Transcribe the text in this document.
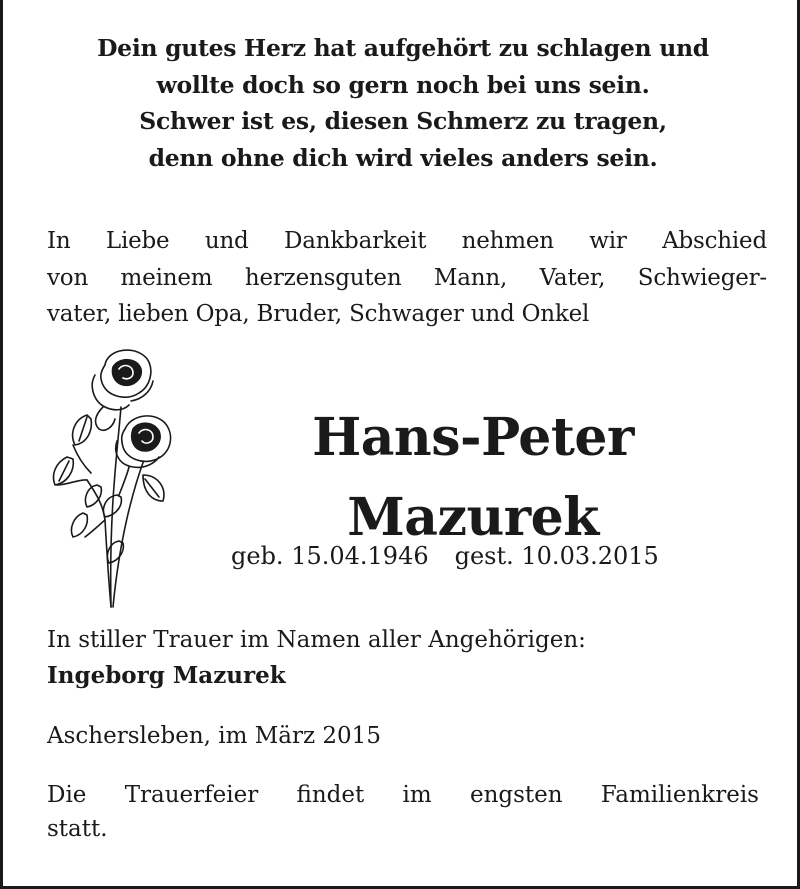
Dein gutes Herz hat aufgehört zu schlagen und
wollte doch so gern noch bei uns sein.
Schwer ist es, diesen Schmerz zu tragen,
denn ohne dich wird vieles anders sein.
In Liebe und Dankbarkeit nehmen wir Abschied
von meinem herzensguten Mann, Vater, Schwieger-
vater, lieben Opa, Bruder, Schwager und Onkel
Hans-Peter
Mazurek
geb. 15.04.1946 gest. 10.03.2015
In stiller Trauer im Namen aller Angehörigen:
Ingeborg Mazurek
Aschersleben, im März 2015
Die Trauerfeier findet im engsten Familienkreis
statt.
